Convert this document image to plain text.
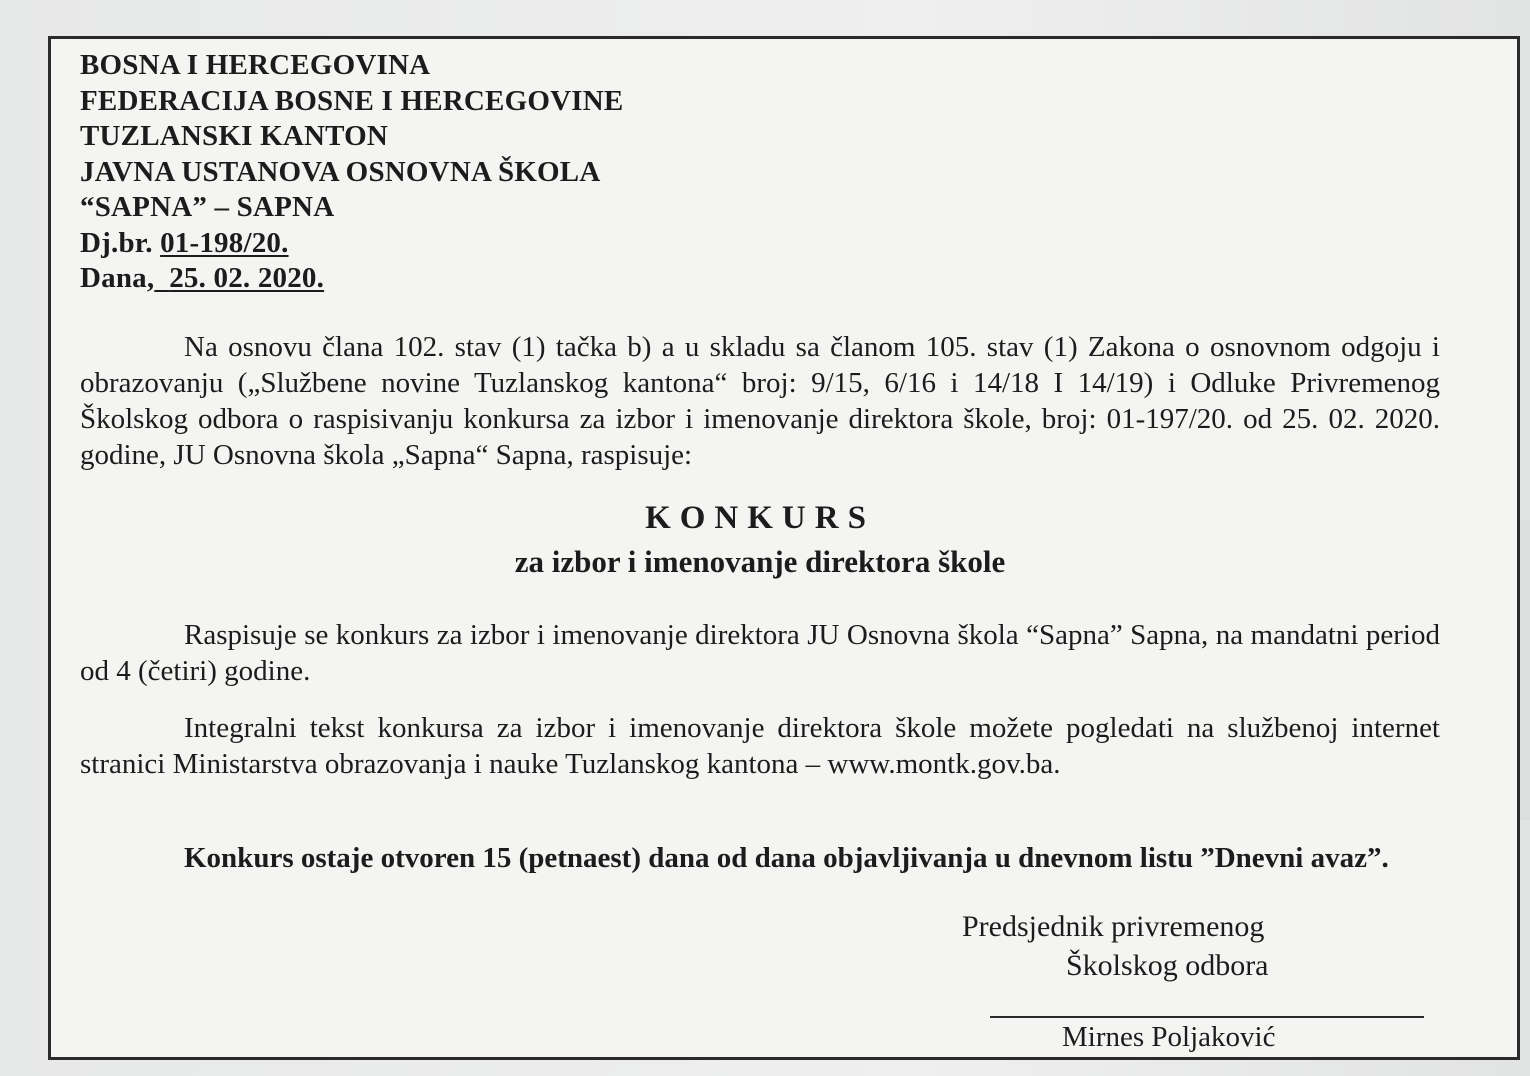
BOSNA I HERCEGOVINA
FEDERACIJA BOSNE I HERCEGOVINE
TUZLANSKI KANTON
JAVNA USTANOVA OSNOVNA ŠKOLA
“SAPNA” – SAPNA
Dj.br. 01-198/20.
Dana, 25. 02. 2020.
Na osnovu člana 102. stav (1) tačka b) a u skladu sa članom 105. stav (1) Zakona o osnovnom odgoju i obrazovanju („Službene novine Tuzlanskog kantona“ broj: 9/15, 6/16 i 14/18 I 14/19) i Odluke Privremenog Školskog odbora o raspisivanju konkursa za izbor i imenovanje direktora škole, broj: 01-197/20. od 25. 02. 2020. godine, JU Osnovna škola „Sapna“ Sapna, raspisuje:
KONKURS
za izbor i imenovanje direktora škole
Raspisuje se konkurs za izbor i imenovanje direktora JU Osnovna škola “Sapna” Sapna, na mandatni period od 4 (četiri) godine.
Integralni tekst konkursa za izbor i imenovanje direktora škole možete pogledati na službenoj internet stranici Ministarstva obrazovanja i nauke Tuzlanskog kantona – www.montk.gov.ba.
Konkurs ostaje otvoren 15 (petnaest) dana od dana objavljivanja u dnevnom listu ”Dnevni avaz”.
Predsjednik privremenog
Školskog odbora
Mirnes Poljaković
